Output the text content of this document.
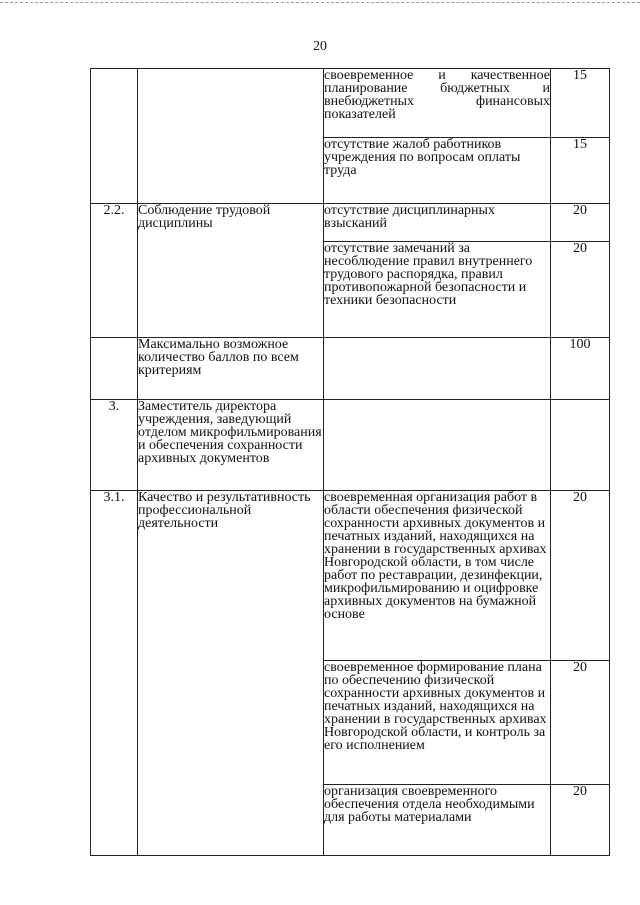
20
		своевременное и качественное планирование бюджетных и внебюджетных финансовых показателей	15
		отсутствие жалоб работников учреждения по вопросам оплаты труда	15
2.2.	Соблюдение трудовой дисциплины	отсутствие дисциплинарных взысканий	20
		отсутствие замечаний за несоблюдение правил внутреннего трудового распорядка, правил противопожарной безопасности и техники безопасности	20
	Максимально возможное количество баллов по всем критериям		100
3.	Заместитель директора учреждения, заведующий отделом микрофильмирования и обеспечения сохранности архивных документов		
3.1.	Качество и результативность профессиональной деятельности	своевременная организация работ в области обеспечения физической сохранности архивных документов и печатных изданий, находящихся на хранении в государственных архивах Новгородской области, в том числе работ по реставрации, дезинфекции, микрофильмированию и оцифровке архивных документов на бумажной основе	20
		своевременное формирование плана по обеспечению физической сохранности архивных документов и печатных изданий, находящихся на хранении в государственных архивах Новгородской области, и контроль за его исполнением	20
		организация своевременного обеспечения отдела необходимыми для работы материалами	20
